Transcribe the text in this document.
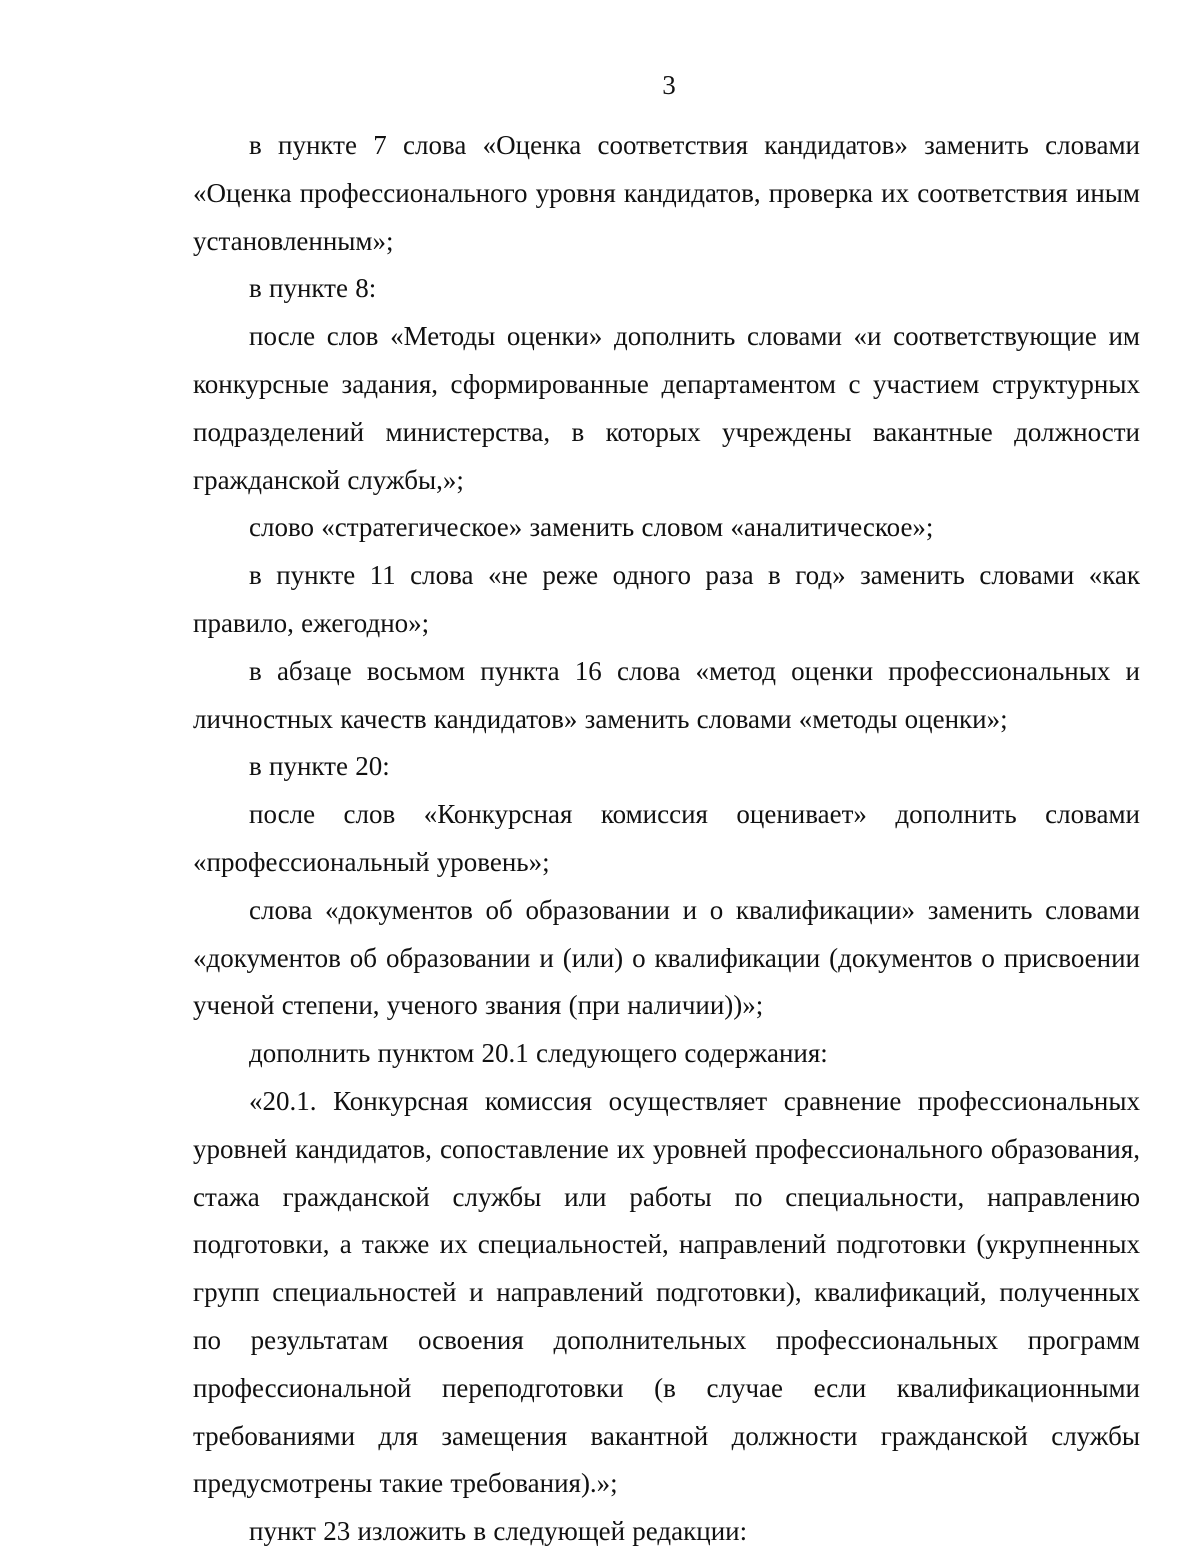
3

в пункте 7 слова «Оценка соответствия кандидатов» заменить словами «Оценка профессионального уровня кандидатов, проверка их соответствия иным установленным»;

в пункте 8:

после слов «Методы оценки» дополнить словами «и соответствующие им конкурсные задания, сформированные департаментом с участием структурных подразделений министерства, в которых учреждены вакантные должности гражданской службы,»;

слово «стратегическое» заменить словом «аналитическое»;

в пункте 11 слова «не реже одного раза в год» заменить словами «как правило, ежегодно»;

в абзаце восьмом пункта 16 слова «метод оценки профессиональных и личностных качеств кандидатов» заменить словами «методы оценки»;

в пункте 20:

после слов «Конкурсная комиссия оценивает» дополнить словами «профессиональный уровень»;

слова «документов об образовании и о квалификации» заменить словами «документов об образовании и (или) о квалификации (документов о присвоении ученой степени, ученого звания (при наличии))»;

дополнить пунктом 20.1 следующего содержания:

«20.1. Конкурсная комиссия осуществляет сравнение профессиональных уровней кандидатов, сопоставление их уровней профессионального образования, стажа гражданской службы или работы по специальности, направлению подготовки, а также их специальностей, направлений подготовки (укрупненных групп специальностей и направлений подготовки), квалификаций, полученных по результатам освоения дополнительных профессиональных программ профессиональной переподготовки (в случае если квалификационными требованиями для замещения вакантной должности гражданской службы предусмотрены такие требования).»;

пункт 23 изложить в следующей редакции:
